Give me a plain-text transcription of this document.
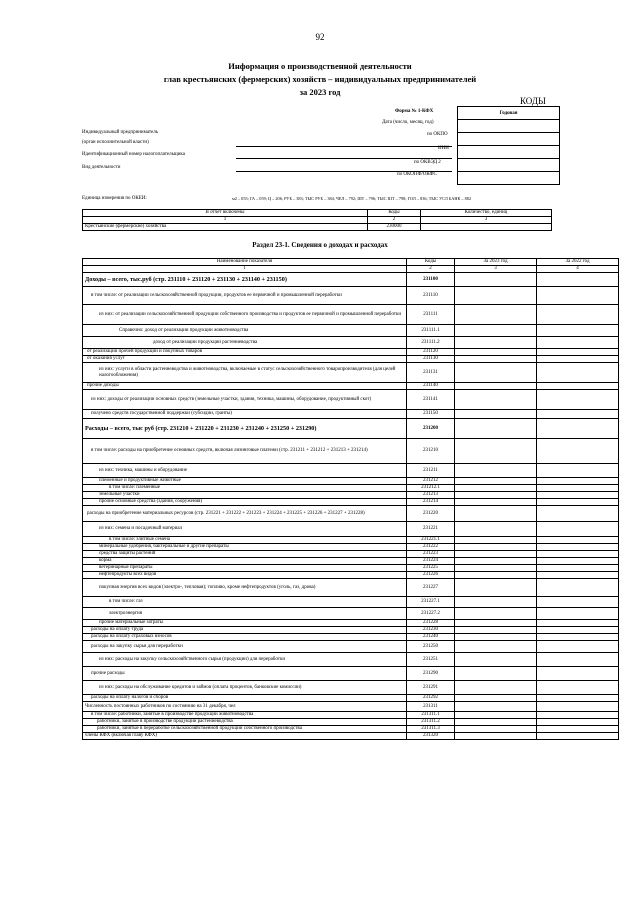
92
Информация о производственной деятельности
глав крестьянских (фермерских) хозяйств – индивидуальных предпринимателей
за 2023 год
КОДЫ
Годовая

Форма № 1-КФХ
Дата (число, месяц, год)
по ОКПО
ИНН
по ОКВЭД 2
по ОКОПФ/ОКФС
Индивидуальный предприниматель
(орган исполнительной власти)
Идентификационный номер налогоплательщика
Вид деятельности
Единица измерения по ОКЕИ:	м2 – 055; ГА – 059; Ц – 206; РУБ – 383; ТЫС РУБ – 384; ЧЕЛ – 792; ШТ – 796; ТЫС ШТ – 798; ГОЛ – 836; ТЫС УСЛ БАНК – 882
В отчет включены	Коды	Количество, единиц
1	2	3
Крестьянские (фермерские) хозяйства	230000	
Раздел 23-1. Сведения о доходах и расходах
Наименование показателя	Коды	За 2023 год	За 2022 год
1	2	3	4
Доходы – всего, тыс.руб (стр. 231110 + 231120 + 231130 + 231140 + 231150)	231100		
в том числе: от реализации сельскохозяйственной продукции, продуктов ее первичной и промышленной переработки	231110		
из них: от реализации сельскохозяйственной продукции собственного производства и продуктов ее первичной и промышленной переработки	231111		
Справочно: доход от реализации продукции животноводства	231111.1		
доход от реализации продукции растениеводства	231111.2		
от реализации прочей продукции и покупных товаров	231120		
от оказания услуг	231130		
из них: услуги в области растениеводства и животноводства, включаемые в статус сельскохозяйственного товаропроизводителя (для целей налогообложения)	231131		
прочие доходы	231140		
из них: доходы от реализации основных средств (земельные участки, здания, техника, машины, оборудование, продуктивный скот)	231141		
получено средств государственной поддержки (субсидии, гранты)	231150		
Расходы – всего, тыс руб (стр. 231210 + 231220 + 231230 + 231240 + 231250 + 231290)	231200		
в том числе: расходы на приобретение основных средств, включая лизинговые платежи (стр. 231211 + 231212 + 231213 + 231214)	231210		
из них: техника, машины и оборудование	231211		
племенные и продуктивные животные	231212		
в том числе: племенные	231212.1		
земельные участки	231213		
прочие основные средства (здания, сооружения)	231214		
расходы на приобретение материальных ресурсов (стр. 231221 + 231222 + 231223 + 231224 + 231225 + 231226 + 231227 + 231228)	231220		
из них: семена и посадочный материал	231221		
в том числе: элитные семена	231221.1		
минеральные удобрения, бактериальные и другие препараты	231222		
средства защиты растений	231223		
корма	231224		
ветеринарные препараты	231225		
нефтепродукты всех видов	231226		
покупная энергия всех видов (электро-, тепловая); топливо, кроме нефтепродуктов (уголь, газ, дрова)	231227		
в том числе: газ	231227.1		
электроэнергия	231227.2		
прочие материальные затраты	231228		
расходы на оплату труда	231230		
расходы на оплату страховых взносов	231240		
расходы на закупку сырья для переработки	231250		
из них: расходы на закупку сельскохозяйственного сырья (продукции) для переработки	231251		
прочие расходы	231290		
из них: расходы на обслуживание кредитов и займов (оплата процентов, банковские комиссии)	231291		
расходы на оплату налогов и сборов	231292		
Численность постоянных работников по состоянию на 31 декабря, чел	231311		
в том числе: работники, занятые в производстве продукции животноводства	231311.1		
работники, занятые в производстве продукции растениеводства	231311.2		
работники, занятые в переработке сельскохозяйственной продукции собственного производства	231311.3		
члены КФХ (включая главу КФХ)	231320		
